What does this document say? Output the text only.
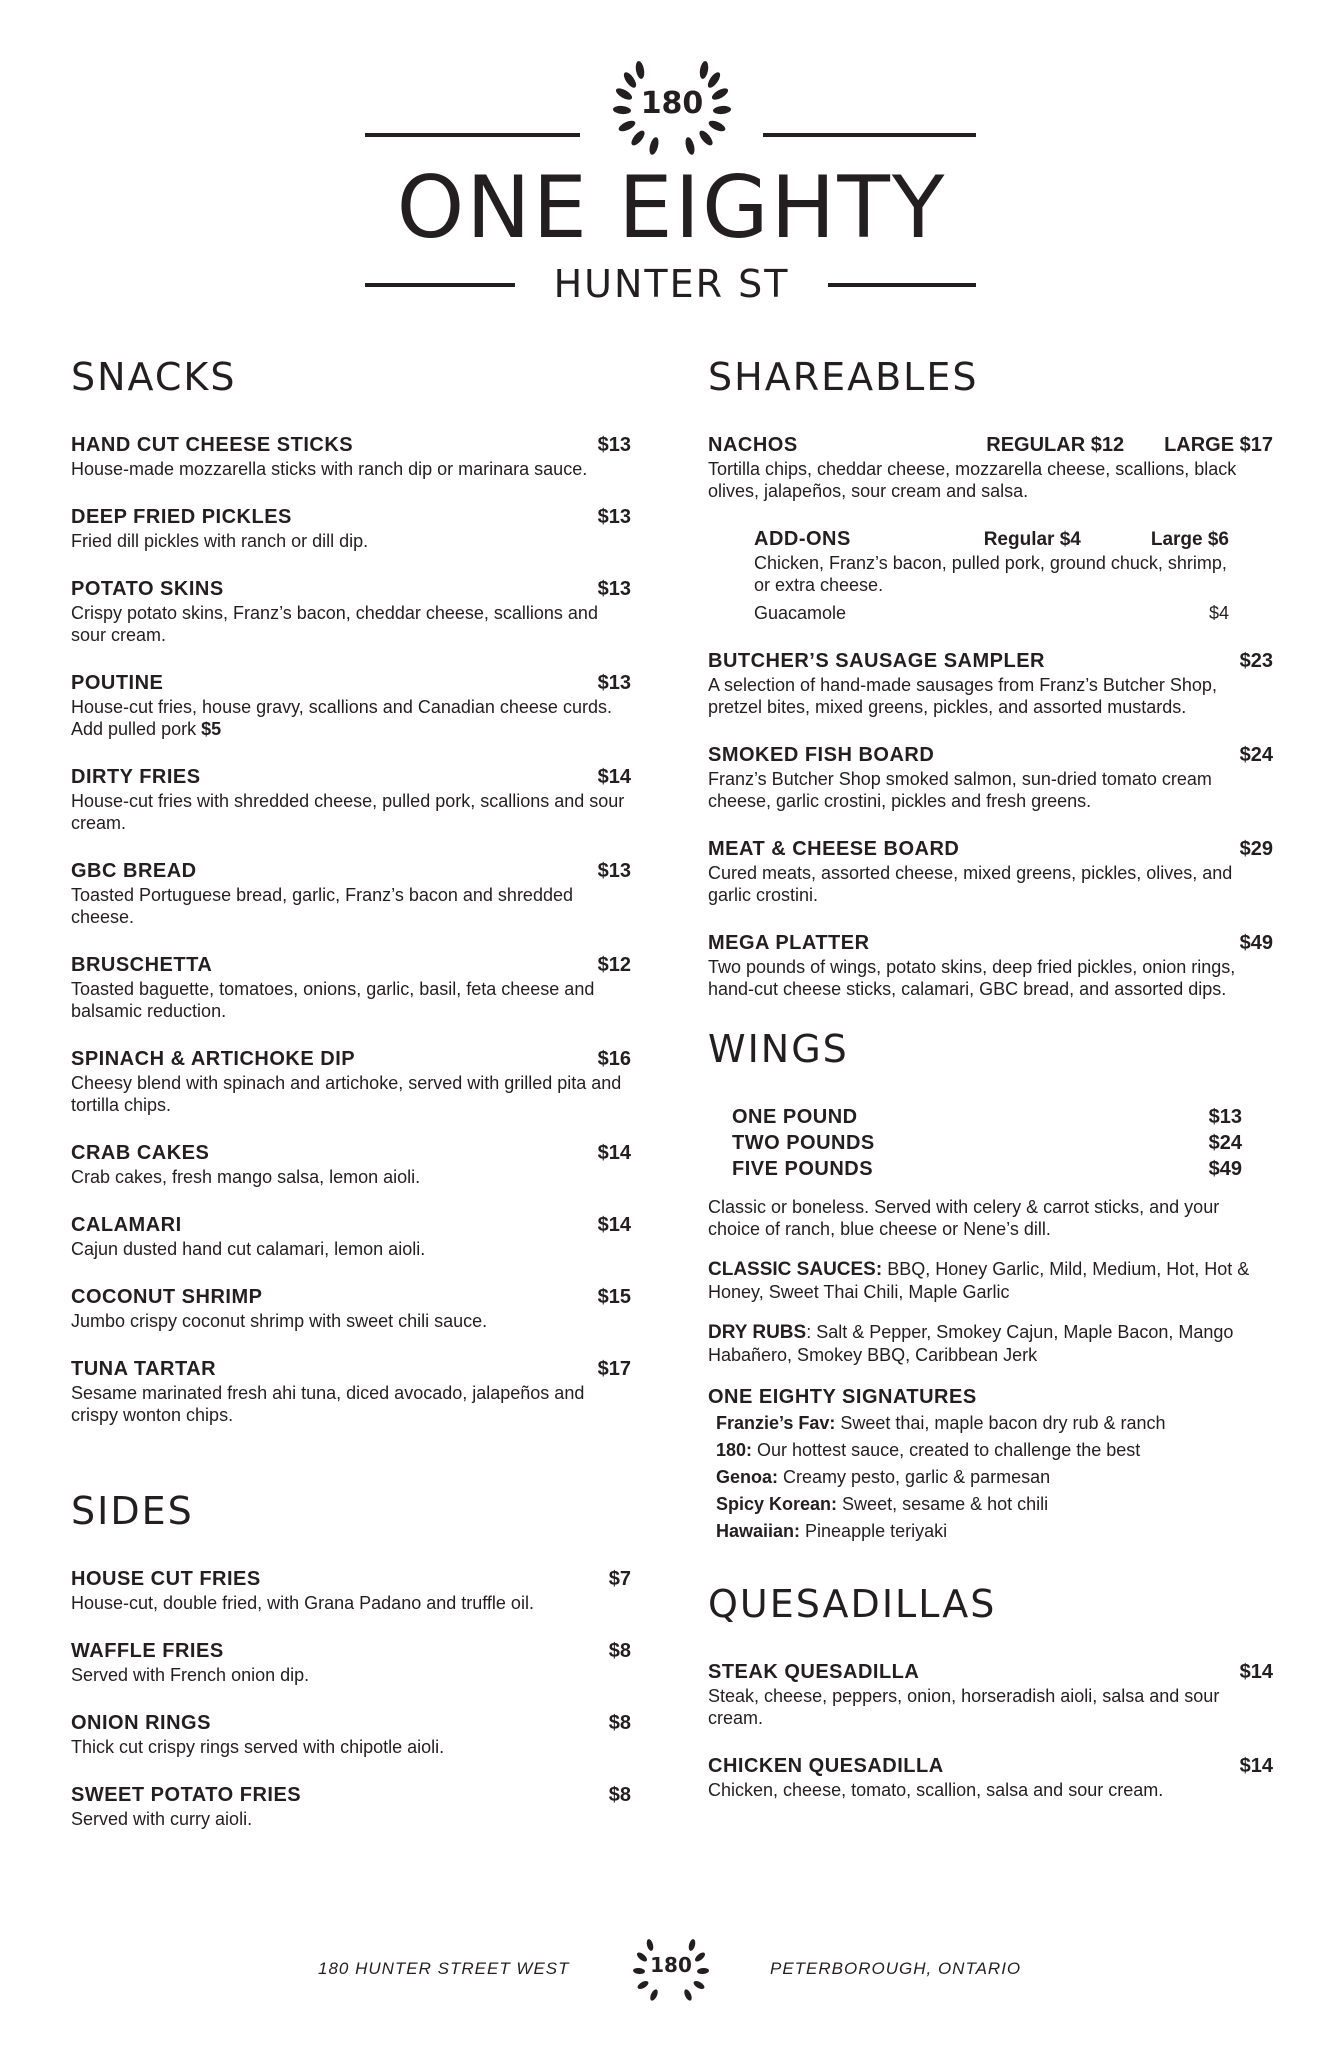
180
ONE EIGHTY
HUNTER ST
SNACKS
HAND CUT CHEESE STICKS	$13
House-made mozzarella sticks with ranch dip or marinara sauce.
DEEP FRIED PICKLES	$13
Fried dill pickles with ranch or dill dip.
POTATO SKINS	$13
Crispy potato skins, Franz’s bacon, cheddar cheese, scallions and sour cream.
POUTINE	$13
House-cut fries, house gravy, scallions and Canadian cheese curds. Add pulled pork $5
DIRTY FRIES	$14
House-cut fries with shredded cheese, pulled pork, scallions and sour cream.
GBC BREAD	$13
Toasted Portuguese bread, garlic, Franz’s bacon and shredded cheese.
BRUSCHETTA	$12
Toasted baguette, tomatoes, onions, garlic, basil, feta cheese and balsamic reduction.
SPINACH & ARTICHOKE DIP	$16
Cheesy blend with spinach and artichoke, served with grilled pita and tortilla chips.
CRAB CAKES	$14
Crab cakes, fresh mango salsa, lemon aioli.
CALAMARI	$14
Cajun dusted hand cut calamari, lemon aioli.
COCONUT SHRIMP	$15
Jumbo crispy coconut shrimp with sweet chili sauce.
TUNA TARTAR	$17
Sesame marinated fresh ahi tuna, diced avocado, jalapeños and crispy wonton chips.
SIDES
HOUSE CUT FRIES	$7
House-cut, double fried, with Grana Padano and truffle oil.
WAFFLE FRIES	$8
Served with French onion dip.
ONION RINGS	$8
Thick cut crispy rings served with chipotle aioli.
SWEET POTATO FRIES	$8
Served with curry aioli.
SHAREABLES
NACHOS	REGULAR $12 LARGE $17
Tortilla chips, cheddar cheese, mozzarella cheese, scallions, black olives, jalapeños, sour cream and salsa.
ADD-ONS	Regular $4	Large $6
Chicken, Franz’s bacon, pulled pork, ground chuck, shrimp, or extra cheese.
Guacamole	$4
BUTCHER’S SAUSAGE SAMPLER	$23
A selection of hand-made sausages from Franz’s Butcher Shop, pretzel bites, mixed greens, pickles, and assorted mustards.
SMOKED FISH BOARD	$24
Franz’s Butcher Shop smoked salmon, sun-dried tomato cream cheese, garlic crostini, pickles and fresh greens.
MEAT & CHEESE BOARD	$29
Cured meats, assorted cheese, mixed greens, pickles, olives, and garlic crostini.
MEGA PLATTER	$49
Two pounds of wings, potato skins, deep fried pickles, onion rings, hand-cut cheese sticks, calamari, GBC bread, and assorted dips.
WINGS
ONE POUND	$13
TWO POUNDS	$24
FIVE POUNDS	$49
Classic or boneless. Served with celery & carrot sticks, and your choice of ranch, blue cheese or Nene’s dill.
CLASSIC SAUCES: BBQ, Honey Garlic, Mild, Medium, Hot, Hot & Honey, Sweet Thai Chili, Maple Garlic
DRY RUBS: Salt & Pepper, Smokey Cajun, Maple Bacon, Mango Habañero, Smokey BBQ, Caribbean Jerk
ONE EIGHTY SIGNATURES
Franzie’s Fav: Sweet thai, maple bacon dry rub & ranch
180: Our hottest sauce, created to challenge the best
Genoa: Creamy pesto, garlic & parmesan
Spicy Korean: Sweet, sesame & hot chili
Hawaiian: Pineapple teriyaki
QUESADILLAS
STEAK QUESADILLA	$14
Steak, cheese, peppers, onion, horseradish aioli, salsa and sour cream.
CHICKEN QUESADILLA	$14
Chicken, cheese, tomato, scallion, salsa and sour cream.
180 HUNTER STREET WEST	180	PETERBOROUGH, ONTARIO
